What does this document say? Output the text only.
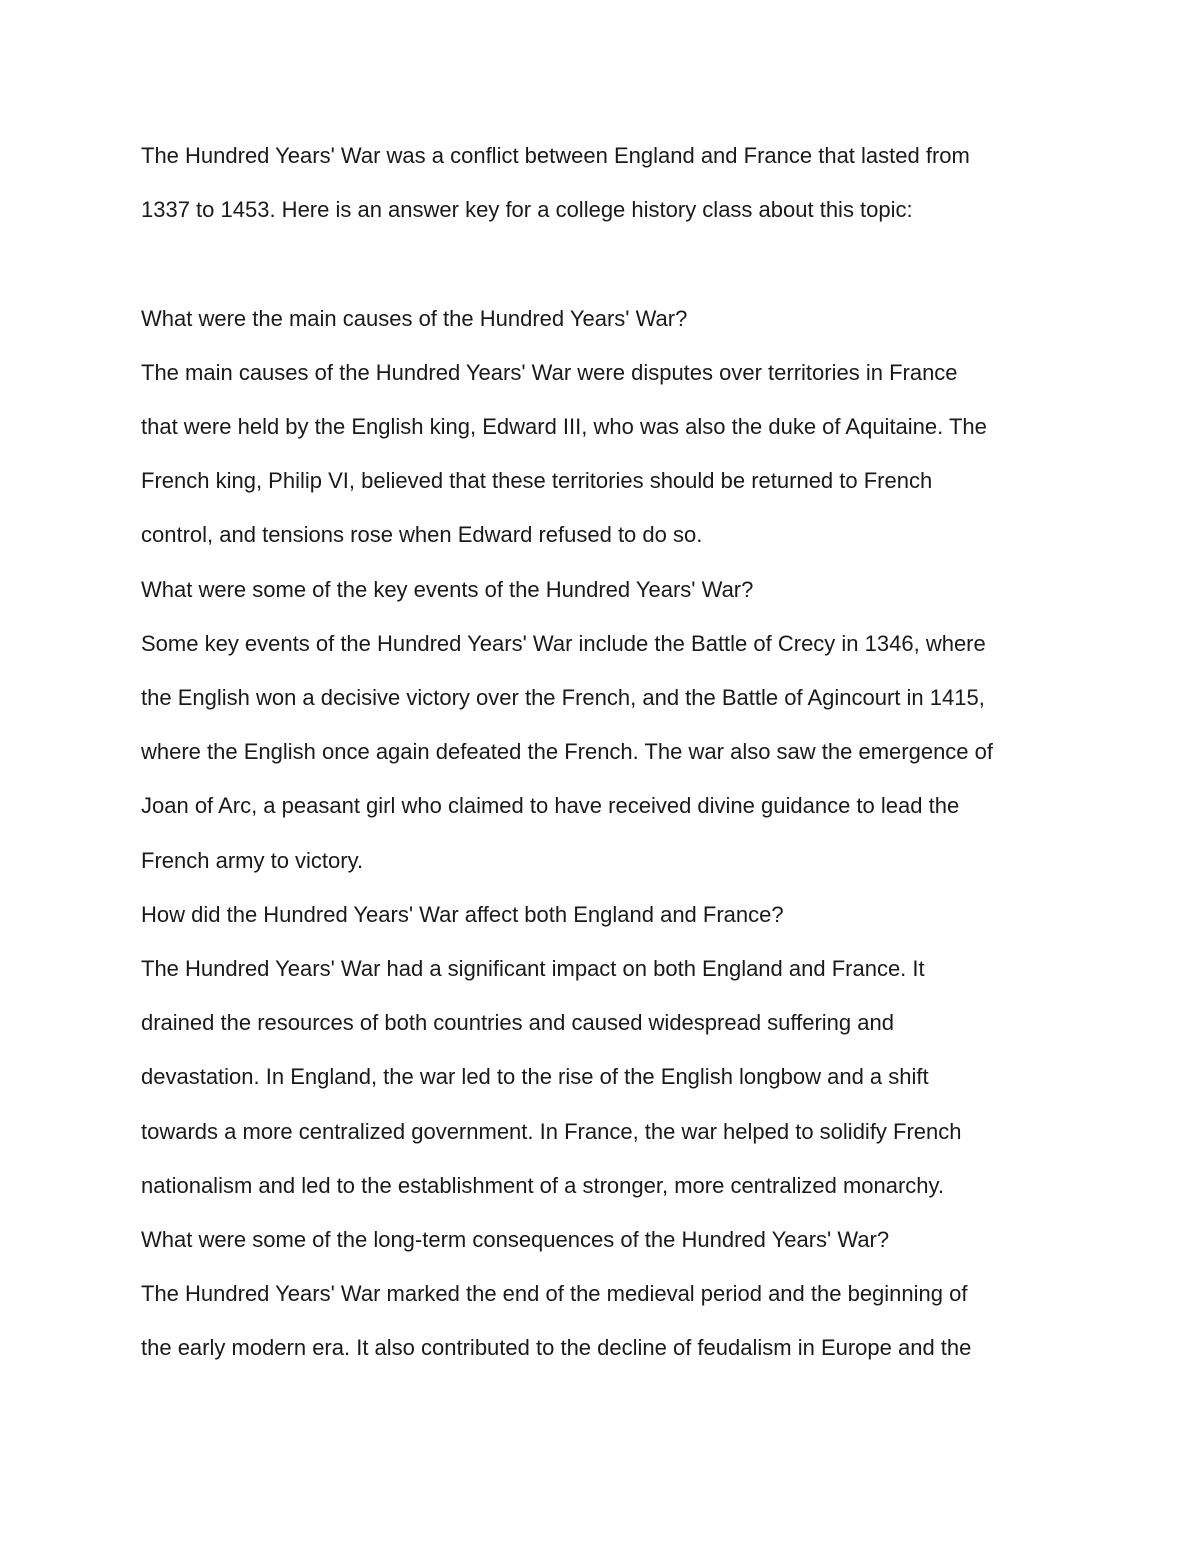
The Hundred Years' War was a conflict between England and France that lasted from
1337 to 1453. Here is an answer key for a college history class about this topic:

What were the main causes of the Hundred Years' War?

The main causes of the Hundred Years' War were disputes over territories in France
that were held by the English king, Edward III, who was also the duke of Aquitaine. The
French king, Philip VI, believed that these territories should be returned to French
control, and tensions rose when Edward refused to do so.

What were some of the key events of the Hundred Years' War?

Some key events of the Hundred Years' War include the Battle of Crecy in 1346, where
the English won a decisive victory over the French, and the Battle of Agincourt in 1415,
where the English once again defeated the French. The war also saw the emergence of
Joan of Arc, a peasant girl who claimed to have received divine guidance to lead the
French army to victory.

How did the Hundred Years' War affect both England and France?

The Hundred Years' War had a significant impact on both England and France. It
drained the resources of both countries and caused widespread suffering and
devastation. In England, the war led to the rise of the English longbow and a shift
towards a more centralized government. In France, the war helped to solidify French
nationalism and led to the establishment of a stronger, more centralized monarchy.

What were some of the long-term consequences of the Hundred Years' War?

The Hundred Years' War marked the end of the medieval period and the beginning of
the early modern era. It also contributed to the decline of feudalism in Europe and the
